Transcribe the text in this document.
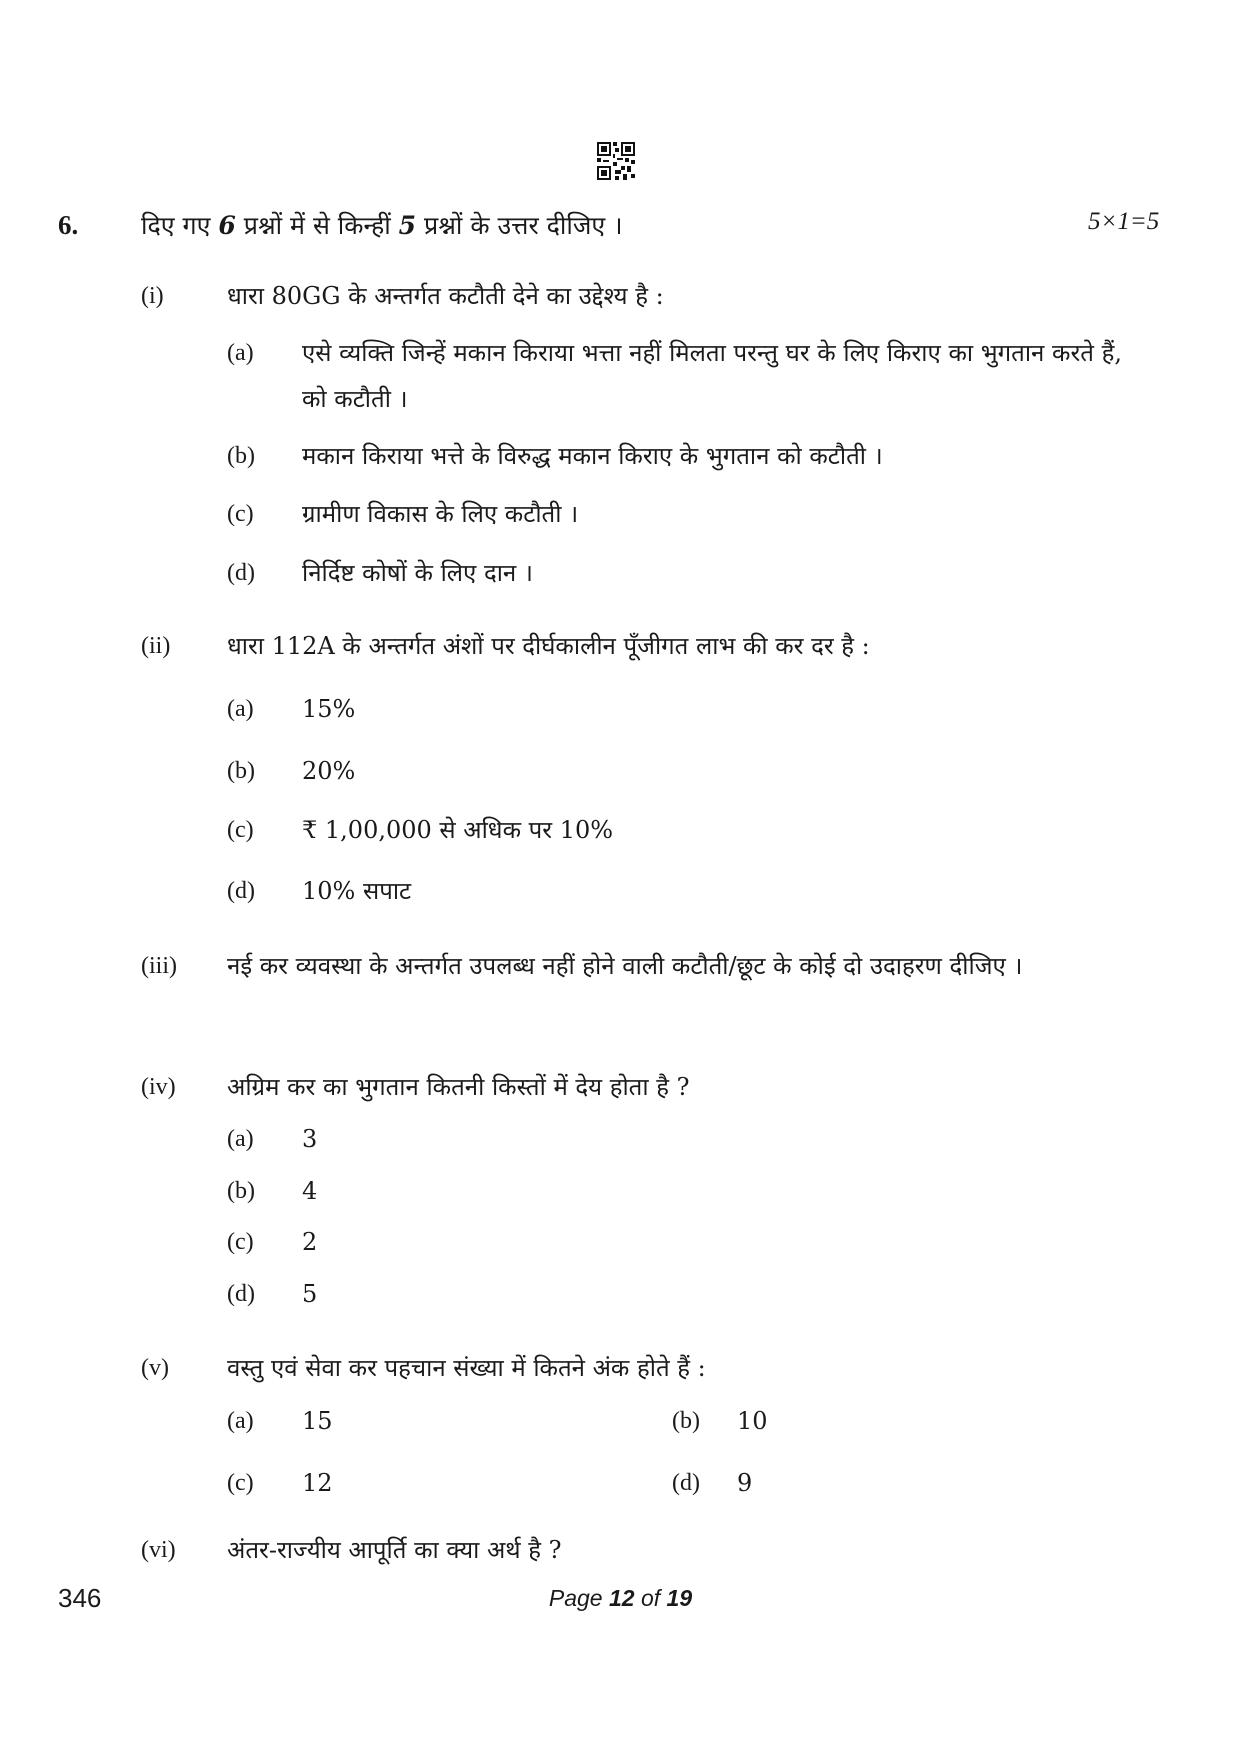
6.	दिए गए 6 प्रश्नों में से किन्हीं 5 प्रश्नों के उत्तर दीजिए ।	5×1=5
(i)	धारा 80GG के अन्तर्गत कटौती देने का उद्देश्य है :
(a) एसे व्यक्ति जिन्हें मकान किराया भत्ता नहीं मिलता परन्तु घर के लिए किराए का भुगतान करते हैं, को कटौती ।
(b) मकान किराया भत्ते के विरुद्ध मकान किराए के भुगतान को कटौती ।
(c) ग्रामीण विकास के लिए कटौती ।
(d) निर्दिष्ट कोषों के लिए दान ।
(ii) धारा 112A के अन्तर्गत अंशों पर दीर्घकालीन पूँजीगत लाभ की कर दर है :
(a) 15%
(b) 20%
(c) ₹ 1,00,000 से अधिक पर 10%
(d) 10% सपाट
(iii) नई कर व्यवस्था के अन्तर्गत उपलब्ध नहीं होने वाली कटौती/छूट के कोई दो उदाहरण दीजिए ।
(iv) अग्रिम कर का भुगतान कितनी किस्तों में देय होता है ?
(a) 3
(b) 4
(c) 2
(d) 5
(v) वस्तु एवं सेवा कर पहचान संख्या में कितने अंक होते हैं :
(a) 15	(b) 10
(c) 12	(d) 9
(vi) अंतर-राज्यीय आपूर्ति का क्या अर्थ है ?
346	Page 12 of 19
